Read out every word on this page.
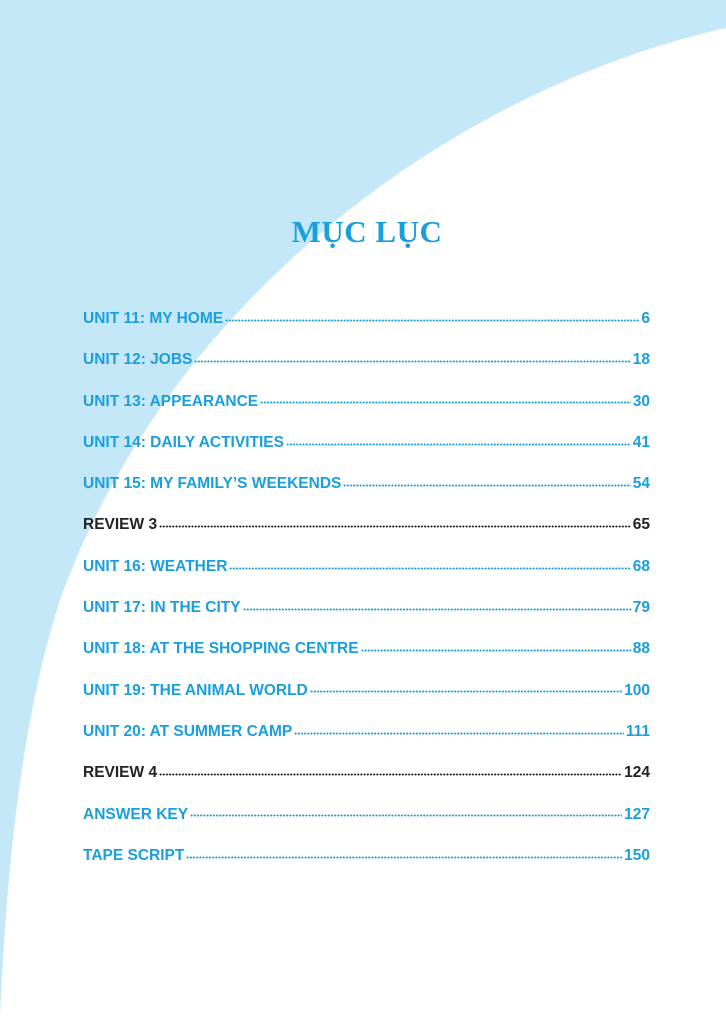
MỤC LỤC
UNIT 11: MY HOME	6
UNIT 12: JOBS	18
UNIT 13: APPEARANCE	30
UNIT 14: DAILY ACTIVITIES	41
UNIT 15: MY FAMILY’S WEEKENDS	54
REVIEW 3	65
UNIT 16: WEATHER	68
UNIT 17: IN THE CITY	79
UNIT 18: AT THE SHOPPING CENTRE	88
UNIT 19: THE ANIMAL WORLD	100
UNIT 20: AT SUMMER CAMP	111
REVIEW 4	124
ANSWER KEY	127
TAPE SCRIPT	150
